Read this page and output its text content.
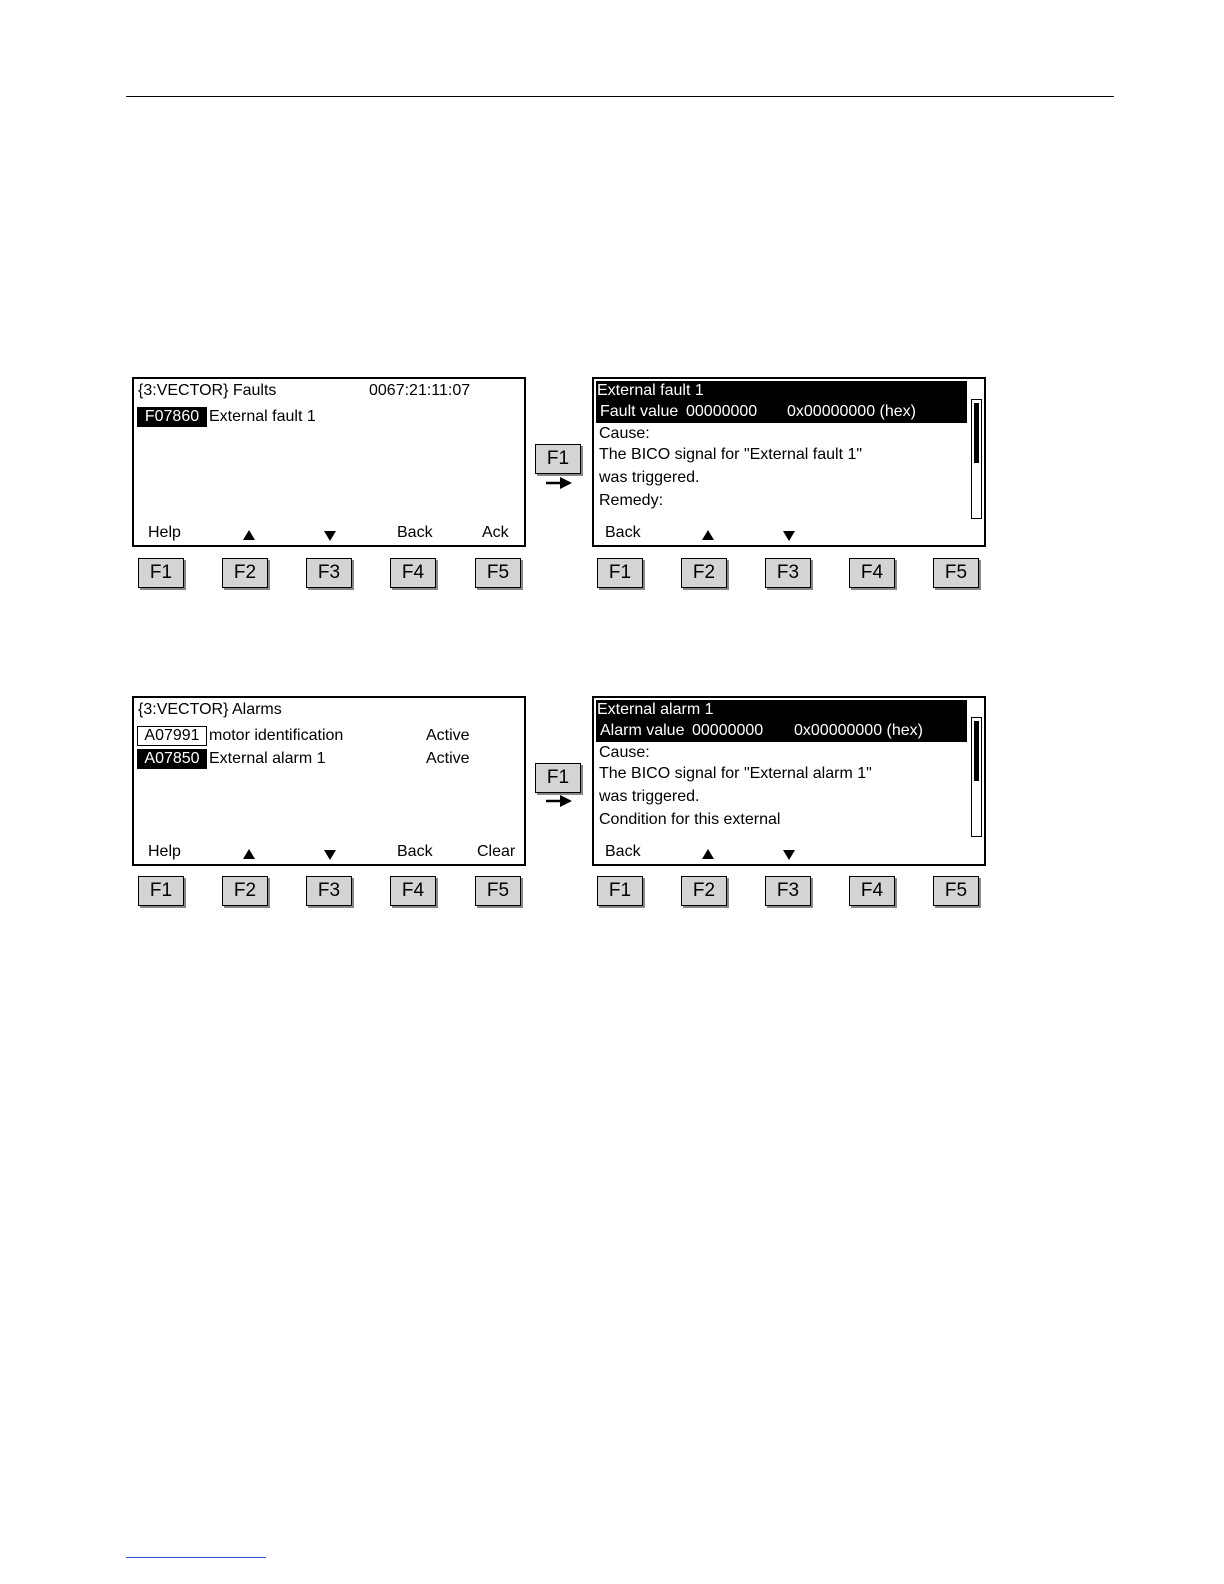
{3:VECTOR} Faults	0067:21:11:07
F07860 External fault 1
Help	Back	Ack
F1	F2	F3	F4	F5
F1
External fault 1
Fault value 00000000 0x00000000 (hex)
Cause:
The BICO signal for "External fault 1"
was triggered.
Remedy:
Back
F1	F2	F3	F4	F5
{3:VECTOR} Alarms
A07991 motor identification	Active
A07850 External alarm 1	Active
Help	Back	Clear
F1	F2	F3	F4	F5
F1
External alarm 1
Alarm value 00000000 0x00000000 (hex)
Cause:
The BICO signal for "External alarm 1"
was triggered.
Condition for this external
Back
F1	F2	F3	F4	F5
